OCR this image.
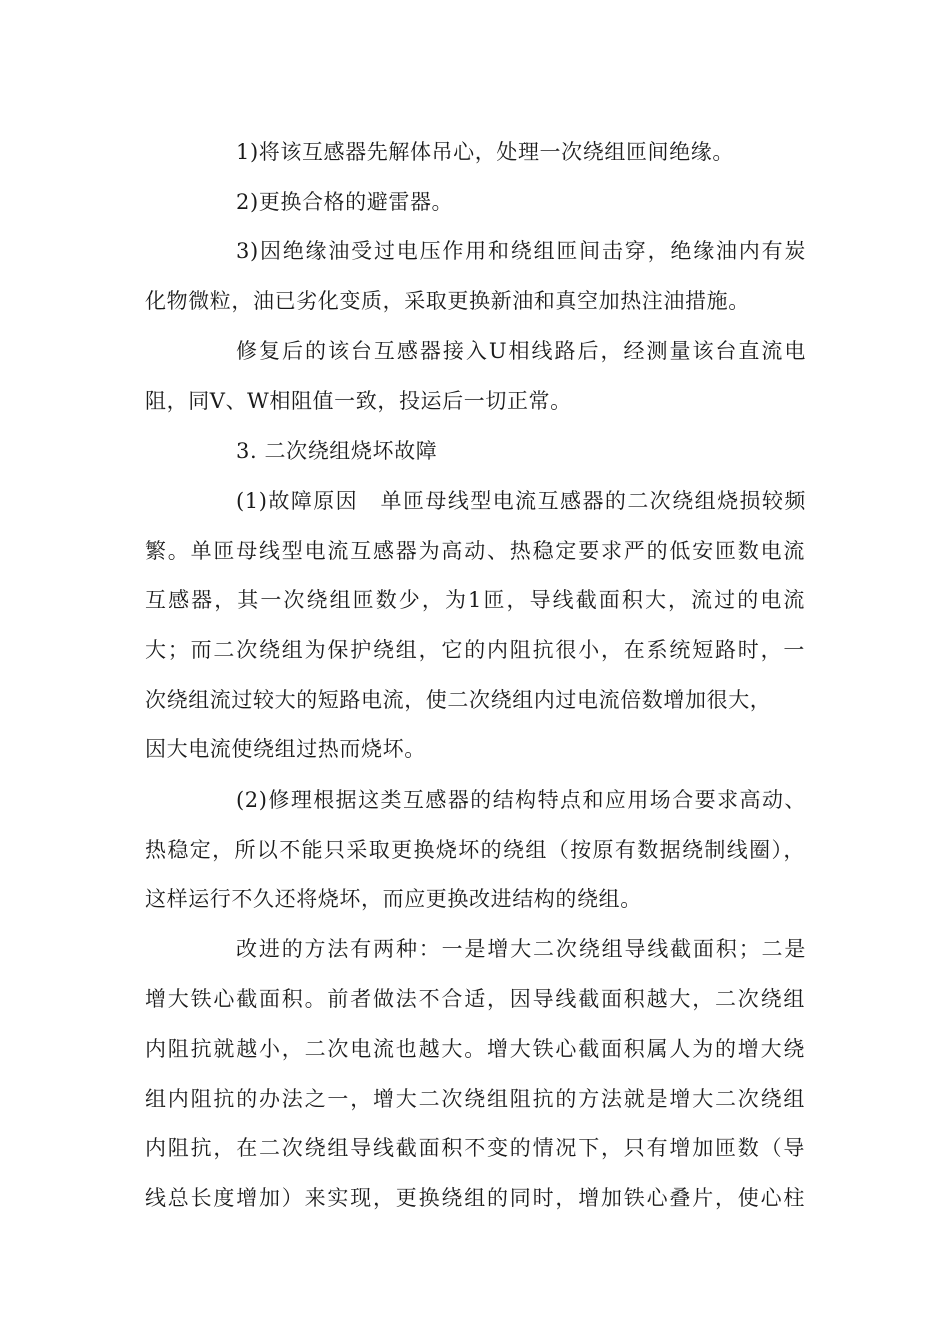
1)将该互感器先解体吊心，处理一次绕组匝间绝缘。
2)更换合格的避雷器。
3)因绝缘油受过电压作用和绕组匝间击穿，绝缘油内有炭
化物微粒，油已劣化变质，采取更换新油和真空加热注油措施。
修复后的该台互感器接入U相线路后，经测量该台直流电
阻，同V、W相阻值一致，投运后一切正常。
3. 二次绕组烧坏故障
(1)故障原因　单匝母线型电流互感器的二次绕组烧损较频
繁。单匝母线型电流互感器为高动、热稳定要求严的低安匝数电流
互感器，其一次绕组匝数少，为1匝，导线截面积大，流过的电流
大；而二次绕组为保护绕组，它的内阻抗很小，在系统短路时，一
次绕组流过较大的短路电流，使二次绕组内过电流倍数增加很大，
因大电流使绕组过热而烧坏。
(2)修理根据这类互感器的结构特点和应用场合要求高动、
热稳定，所以不能只采取更换烧坏的绕组（按原有数据绕制线圈），
这样运行不久还将烧坏，而应更换改进结构的绕组。
改进的方法有两种：一是增大二次绕组导线截面积；二是
增大铁心截面积。前者做法不合适，因导线截面积越大，二次绕组
内阻抗就越小，二次电流也越大。增大铁心截面积属人为的增大绕
组内阻抗的办法之一，增大二次绕组阻抗的方法就是增大二次绕组
内阻抗，在二次绕组导线截面积不变的情况下，只有增加匝数（导
线总长度增加）来实现，更换绕组的同时，增加铁心叠片，使心柱
